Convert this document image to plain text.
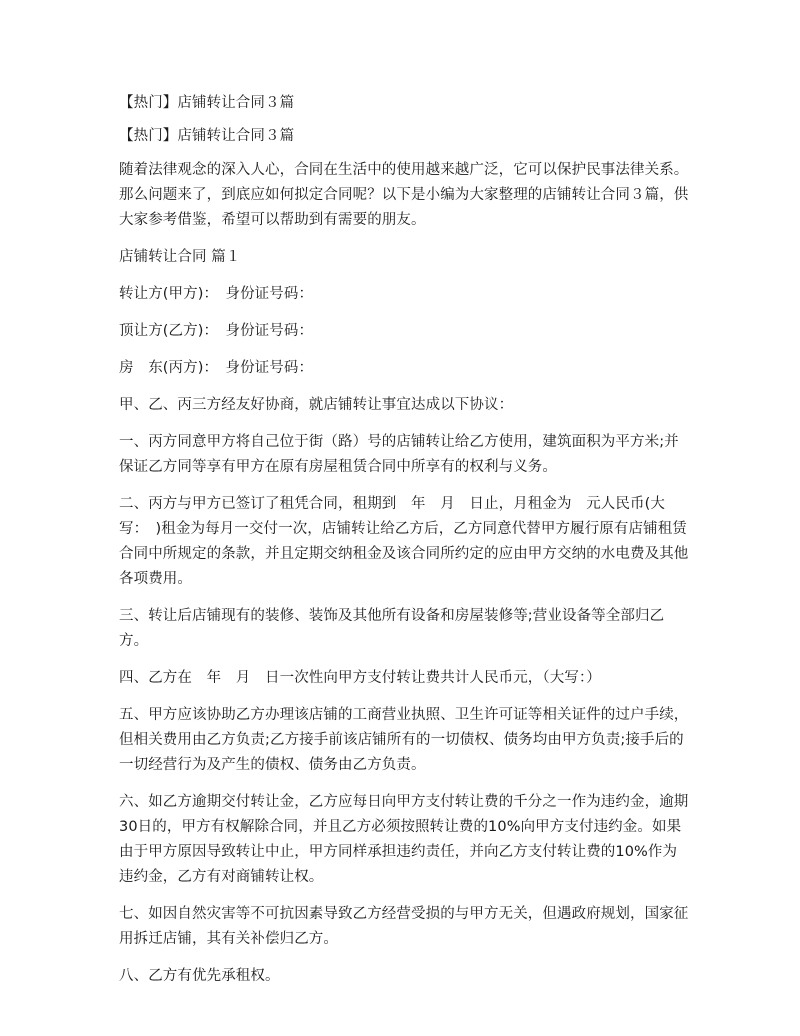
【热门】店铺转让合同３篇

【热门】店铺转让合同３篇

随着法律观念的深入人心，合同在生活中的使用越来越广泛，它可以保护民事法律关系。那么问题来了，到底应如何拟定合同呢？以下是小编为大家整理的店铺转让合同３篇，供大家参考借鉴，希望可以帮助到有需要的朋友。

店铺转让合同 篇１

转让方(甲方)：　身份证号码：

顶让方(乙方)：　身份证号码：

房　东(丙方)：　身份证号码：

甲、乙、丙三方经友好协商，就店铺转让事宜达成以下协议：

一、丙方同意甲方将自己位于街（路）号的店铺转让给乙方使用，建筑面积为平方米;并保证乙方同等享有甲方在原有房屋租赁合同中所享有的权利与义务。

二、丙方与甲方已签订了租凭合同，租期到　年　月　日止，月租金为　元人民币(大写：　)租金为每月一交付一次，店铺转让给乙方后，乙方同意代替甲方履行原有店铺租赁合同中所规定的条款，并且定期交纳租金及该合同所约定的应由甲方交纳的水电费及其他各项费用。

三、转让后店铺现有的装修、装饰及其他所有设备和房屋装修等;营业设备等全部归乙方。

四、乙方在　年　月　日一次性向甲方支付转让费共计人民币元，（大写：）

五、甲方应该协助乙方办理该店铺的工商营业执照、卫生许可证等相关证件的过户手续，但相关费用由乙方负责;乙方接手前该店铺所有的一切债权、债务均由甲方负责;接手后的一切经营行为及产生的债权、债务由乙方负责。

六、如乙方逾期交付转让金，乙方应每日向甲方支付转让费的千分之一作为违约金，逾期30日的，甲方有权解除合同，并且乙方必须按照转让费的10%向甲方支付违约金。如果由于甲方原因导致转让中止，甲方同样承担违约责任，并向乙方支付转让费的10%作为违约金，乙方有对商铺转让权。

七、如因自然灾害等不可抗因素导致乙方经营受损的与甲方无关，但遇政府规划，国家征用拆迁店铺，其有关补偿归乙方。

八、乙方有优先承租权。
